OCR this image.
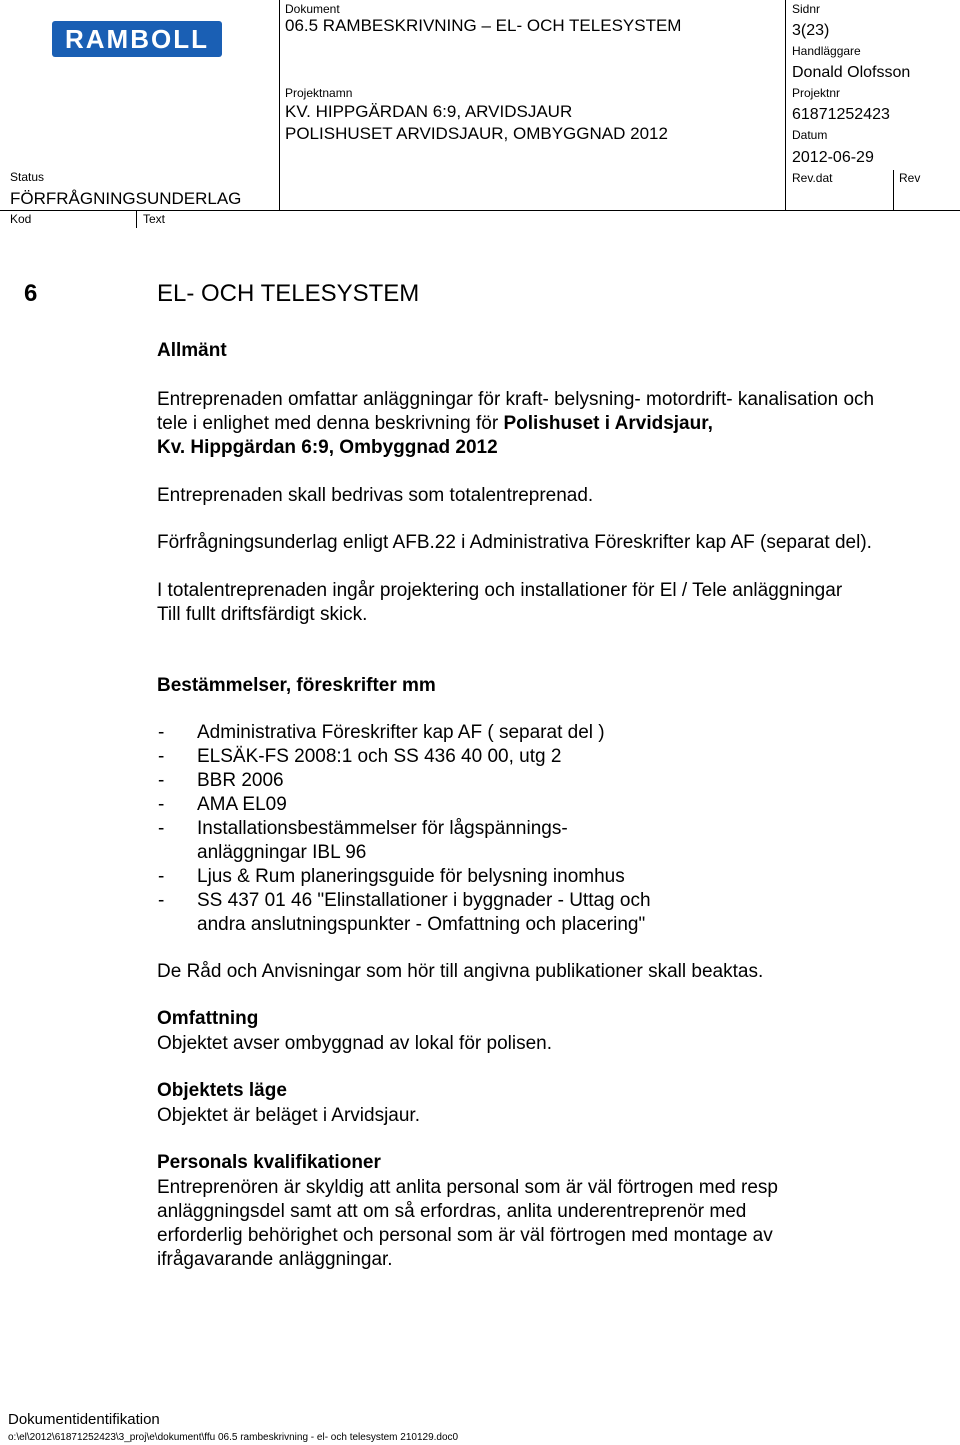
RAMBOLL
Dokument
06.5 RAMBESKRIVNING – EL- OCH TELESYSTEM
Sidnr
3(23)
Handläggare
Donald Olofsson
Projektnamn
KV. HIPPGÄRDAN 6:9, ARVIDSJAUR
POLISHUSET ARVIDSJAUR, OMBYGGNAD 2012
Projektnr
61871252423
Datum
2012-06-29
Status
FÖRFRÅGNINGSUNDERLAG
Rev.dat	Rev
Kod	Text
6	EL- OCH TELESYSTEM
Allmänt
Entreprenaden omfattar anläggningar för kraft- belysning- motordrift- kanalisation och
tele i enlighet med denna beskrivning för Polishuset i Arvidsjaur,
Kv. Hippgärdan 6:9, Ombyggnad 2012
Entreprenaden skall bedrivas som totalentreprenad.
Förfrågningsunderlag enligt AFB.22 i Administrativa Föreskrifter kap AF (separat del).
I totalentreprenaden ingår projektering och installationer för El / Tele anläggningar
Till fullt driftsfärdigt skick.
Bestämmelser, föreskrifter mm
- Administrativa Föreskrifter kap AF ( separat del )
- ELSÄK-FS 2008:1 och SS 436 40 00, utg 2
- BBR 2006
- AMA EL09
- Installationsbestämmelser för lågspännings-
anläggningar IBL 96
- Ljus & Rum planeringsguide för belysning inomhus
- SS 437 01 46 "Elinstallationer i byggnader - Uttag och
andra anslutningspunkter - Omfattning och placering"
De Råd och Anvisningar som hör till angivna publikationer skall beaktas.
Omfattning
Objektet avser ombyggnad av lokal för polisen.
Objektets läge
Objektet är beläget i Arvidsjaur.
Personals kvalifikationer
Entreprenören är skyldig att anlita personal som är väl förtrogen med resp
anläggningsdel samt att om så erfordras, anlita underentreprenör med
erforderlig behörighet och personal som är väl förtrogen med montage av
ifrågavarande anläggningar.
Dokumentidentifikation
o:\el\2012\61871252423\3_proj\e\dokument\ffu 06.5 rambeskrivning - el- och telesystem 210129.doc0
